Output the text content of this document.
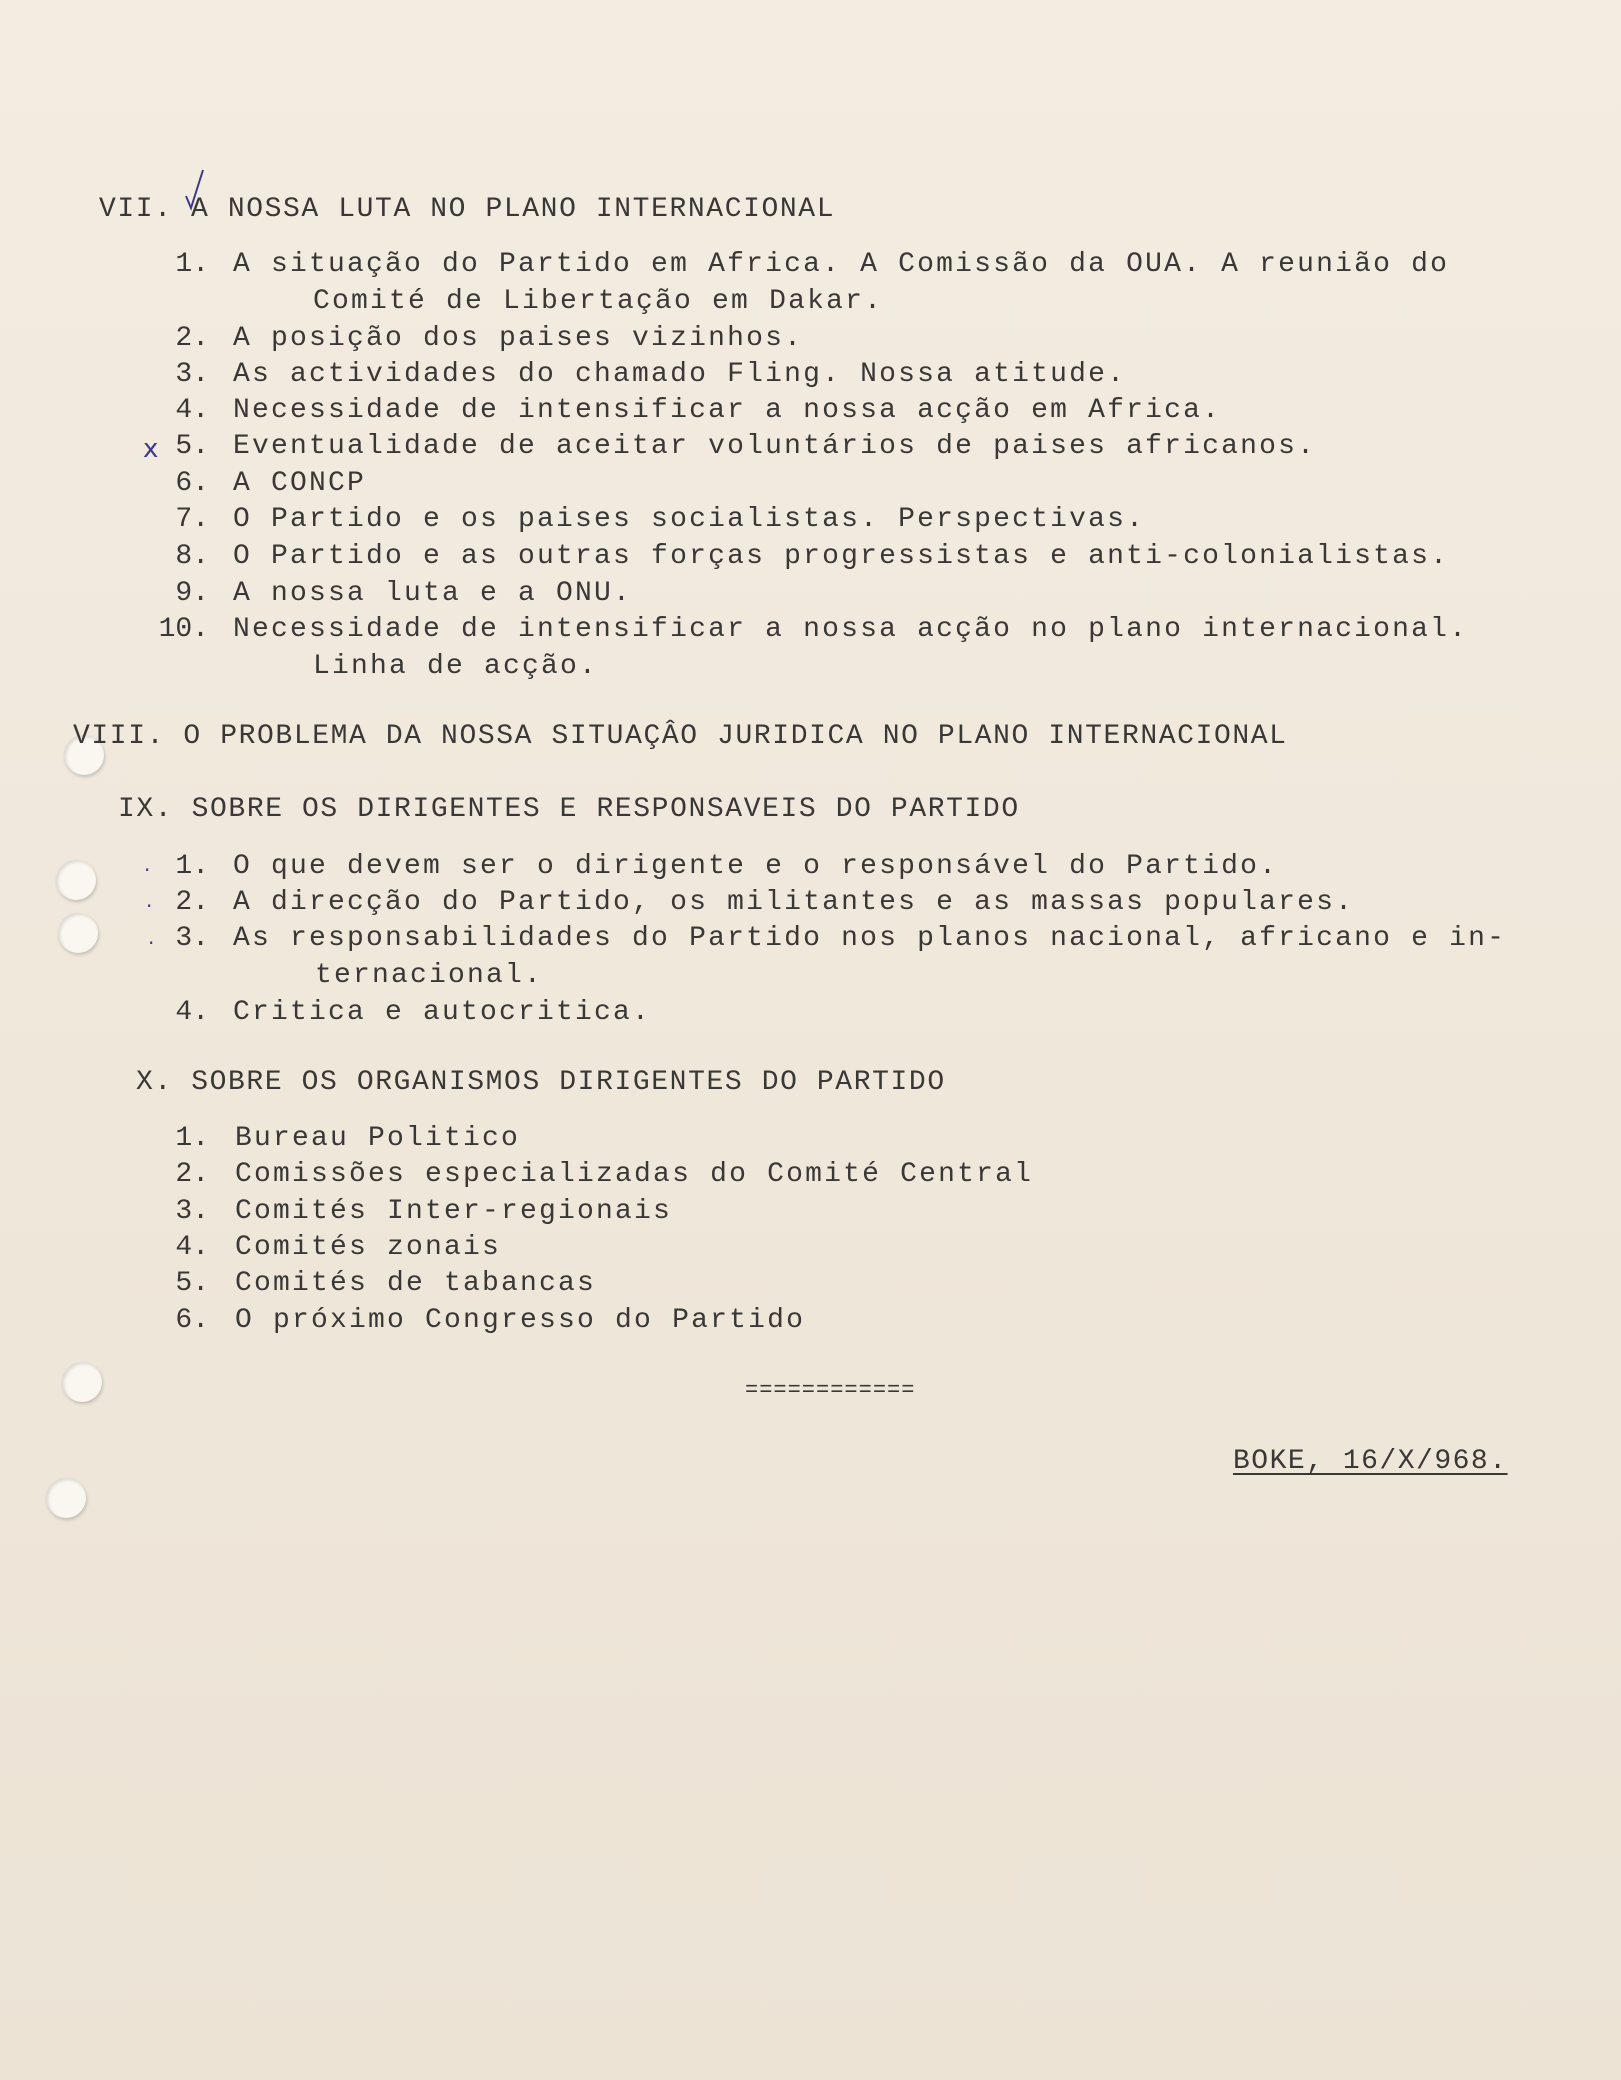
VII. A NOSSA LUTA NO PLANO INTERNACIONAL
1. A situação do Partido em Africa. A Comissão da OUA. A reunião do
Comité de Libertação em Dakar.
2. A posição dos paises vizinhos.
3. As actividades do chamado Fling. Nossa atitude.
4. Necessidade de intensificar a nossa acção em Africa.
x 5. Eventualidade de aceitar voluntários de paises africanos.
6. A CONCP
7. O Partido e os paises socialistas. Perspectivas.
8. O Partido e as outras forças progressistas e anti-colonialistas.
9. A nossa luta e a ONU.
10. Necessidade de intensificar a nossa acção no plano internacional.
Linha de acção.
VIII. O PROBLEMA DA NOSSA SITUAÇÂO JURIDICA NO PLANO INTERNACIONAL
IX. SOBRE OS DIRIGENTES E RESPONSAVEIS DO PARTIDO
· 1. O que devem ser o dirigente e o responsável do Partido.
· 2. A direcção do Partido, os militantes e as massas populares.
· 3. As responsabilidades do Partido nos planos nacional, africano e in-
ternacional.
4. Critica e autocritica.
X. SOBRE OS ORGANISMOS DIRIGENTES DO PARTIDO
1. Bureau Politico
2. Comissões especializadas do Comité Central
3. Comités Inter-regionais
4. Comités zonais
5. Comités de tabancas
6. O próximo Congresso do Partido
============
BOKE, 16/X/968.
